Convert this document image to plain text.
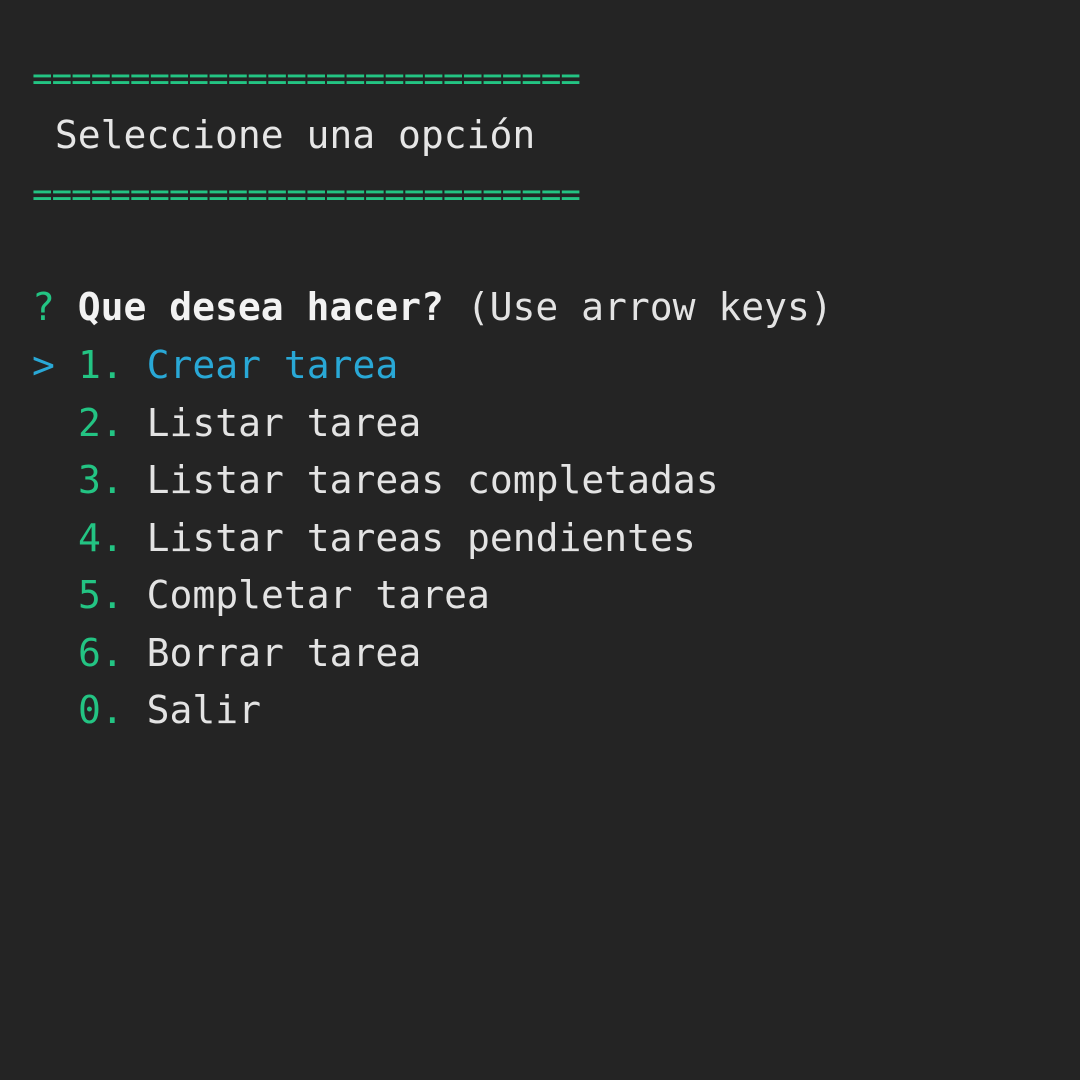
============================
Seleccione una opción
============================
? Que desea hacer? (Use arrow keys)
> 1. Crear tarea
2. Listar tarea
3. Listar tareas completadas
4. Listar tareas pendientes
5. Completar tarea
6. Borrar tarea
0. Salir
